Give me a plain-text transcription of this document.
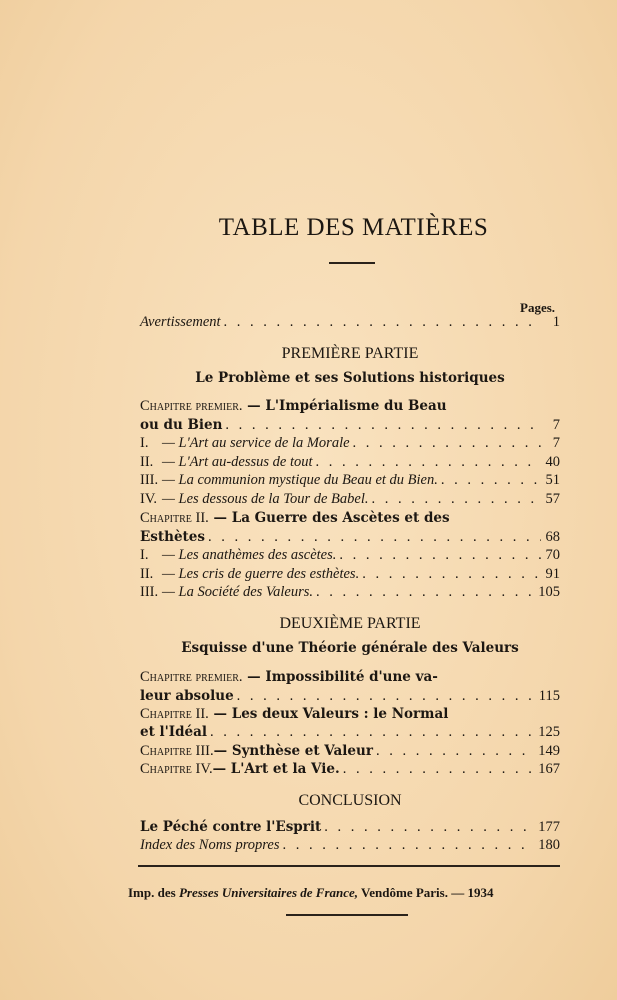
TABLE DES MATIÈRES
Pages.
Avertissement . . .	1
PREMIÈRE PARTIE
Le Problème et ses Solutions historiques
Chapitre premier. — L'Impérialisme du Beau
ou du Bien . . .	7
I. — L'Art au service de la Morale . . .	7
II. — L'Art au-dessus de tout . . .	40
III. — La communion mystique du Beau et du Bien. . . .	51
IV. — Les dessous de la Tour de Babel. . . .	57
Chapitre II. — La Guerre des Ascètes et des
Esthètes . . .	68
I. — Les anathèmes des ascètes. . . .	70
II. — Les cris de guerre des esthètes. . . .	91
III. — La Société des Valeurs. . . .	105
DEUXIÈME PARTIE
Esquisse d'une Théorie générale des Valeurs
Chapitre premier. — Impossibilité d'une va-
leur absolue . . .	115
Chapitre II. — Les deux Valeurs : le Normal
et l'Idéal . . .	125
Chapitre III. — Synthèse et Valeur . . .	149
Chapitre IV. — L'Art et la Vie. . . .	167
CONCLUSION
Le Péché contre l'Esprit . . .	177
Index des Noms propres . . .	180
Imp. des Presses Universitaires de France, Vendôme Paris. — 1934
